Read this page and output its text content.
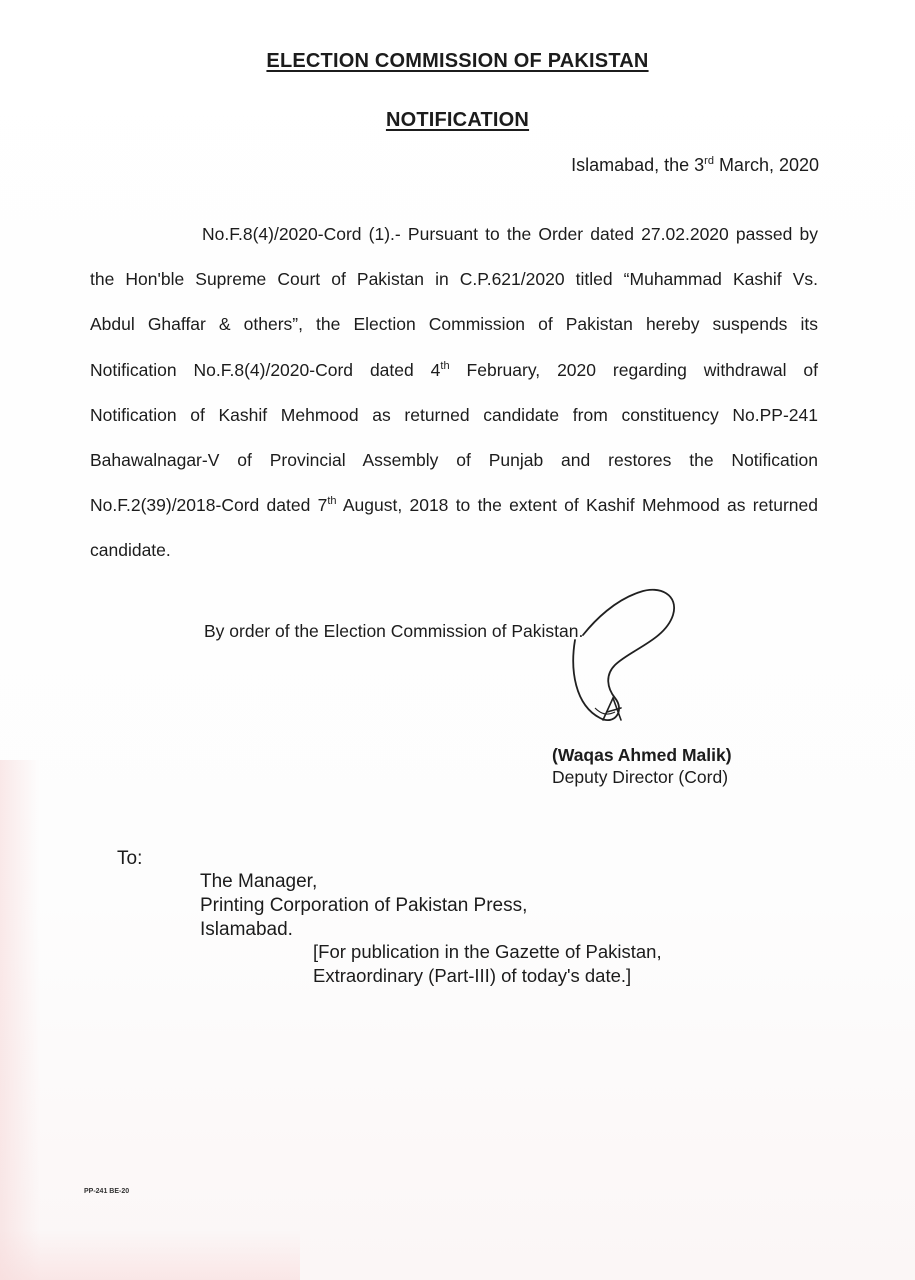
ELECTION COMMISSION OF PAKISTAN
NOTIFICATION
Islamabad, the 3rd March, 2020
No.F.8(4)/2020-Cord (1).- Pursuant to the Order dated 27.02.2020 passed by the Hon'ble Supreme Court of Pakistan in C.P.621/2020 titled “Muhammad Kashif Vs. Abdul Ghaffar & others”, the Election Commission of Pakistan hereby suspends its Notification No.F.8(4)/2020-Cord dated 4th February, 2020 regarding withdrawal of Notification of Kashif Mehmood as returned candidate from constituency No.PP-241 Bahawalnagar-V of Provincial Assembly of Punjab and restores the Notification No.F.2(39)/2018-Cord dated 7th August, 2018 to the extent of Kashif Mehmood as returned candidate.
By order of the Election Commission of Pakistan.
(Waqas Ahmed Malik)
Deputy Director (Cord)
To:
The Manager,
Printing Corporation of Pakistan Press,
Islamabad.
[For publication in the Gazette of Pakistan,
Extraordinary (Part-III) of today's date.]
PP-241 BE-20
